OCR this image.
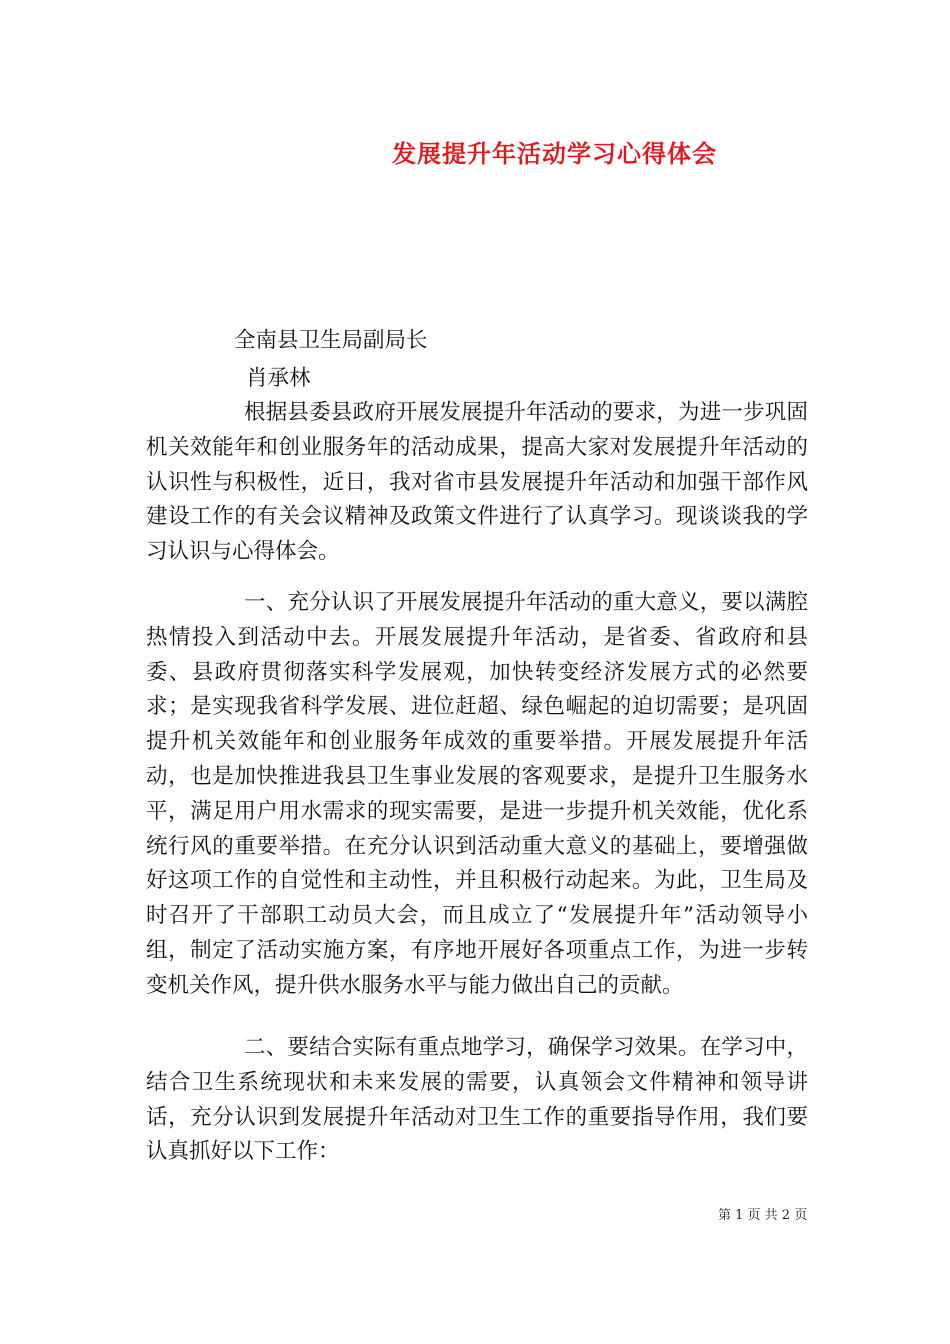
发展提升年活动学习心得体会
全南县卫生局副局长
肖承林

根据县委县政府开展发展提升年活动的要求，为进一步巩固机关效能年和创业服务年的活动成果，提高大家对发展提升年活动的认识性与积极性，近日，我对省市县发展提升年活动和加强干部作风建设工作的有关会议精神及政策文件进行了认真学习。现谈谈我的学习认识与心得体会。

一、充分认识了开展发展提升年活动的重大意义，要以满腔热情投入到活动中去。开展发展提升年活动，是省委、省政府和县委、县政府贯彻落实科学发展观，加快转变经济发展方式的必然要求；是实现我省科学发展、进位赶超、绿色崛起的迫切需要；是巩固提升机关效能年和创业服务年成效的重要举措。开展发展提升年活动，也是加快推进我县卫生事业发展的客观要求，是提升卫生服务水平，满足用户用水需求的现实需要，是进一步提升机关效能，优化系统行风的重要举措。在充分认识到活动重大意义的基础上，要增强做好这项工作的自觉性和主动性，并且积极行动起来。为此，卫生局及时召开了干部职工动员大会，而且成立了“发展提升年”活动领导小组，制定了活动实施方案，有序地开展好各项重点工作，为进一步转变机关作风，提升供水服务水平与能力做出自己的贡献。

二、要结合实际有重点地学习，确保学习效果。在学习中，结合卫生系统现状和未来发展的需要，认真领会文件精神和领导讲话，充分认识到发展提升年活动对卫生工作的重要指导作用，我们要认真抓好以下工作：

第 1 页 共 2 页
